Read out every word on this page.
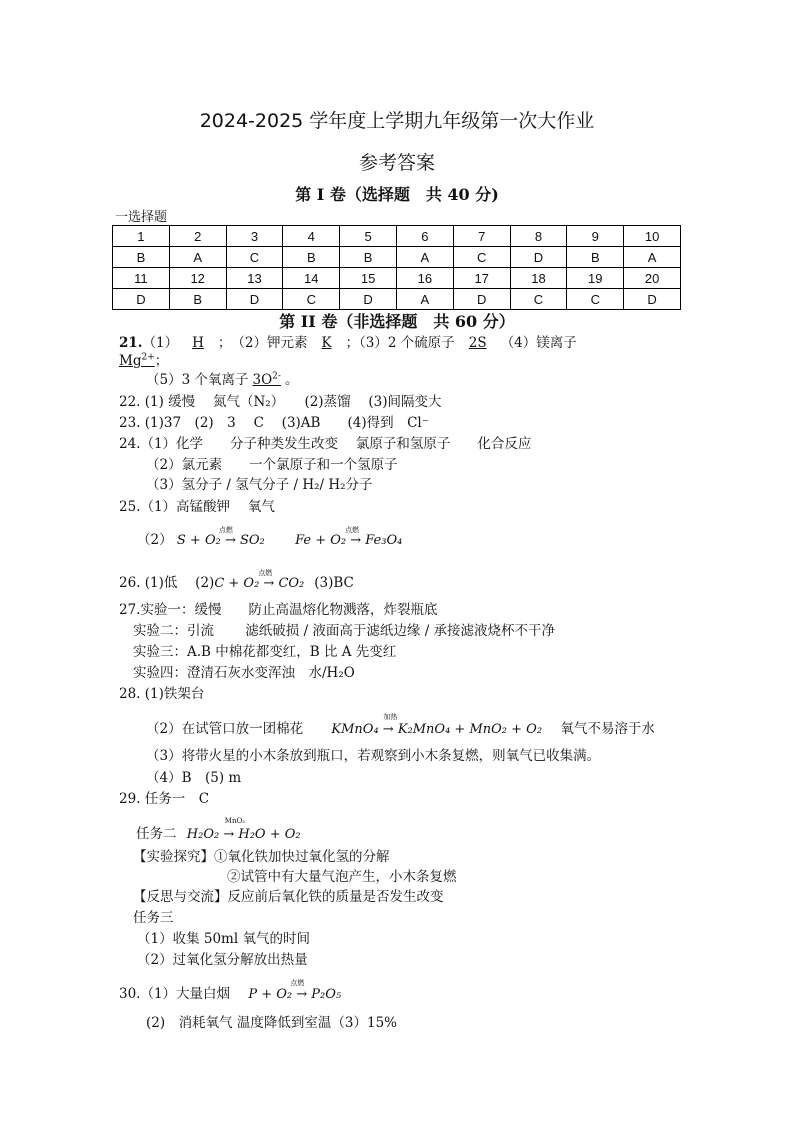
2024-2025 学年度上学期九年级第一次大作业
参考答案
第 I 卷（选择题　共 40 分)
一选择题
1	2	3	4	5	6	7	8	9	10
B	A	C	B	B	A	C	D	B	A
11	12	13	14	15	16	17	18	19	20
D	B	D	C	D	A	D	C	C	D
第 II 卷（非选择题　共 60 分）
21.（1） H ；　（2）钾元素 K ；（3）2 个硫原子 2S （4）镁离子
$Mg^{2+}$；
（5）3 个氧离子 $3O^{2-}$ 。
22. (1) 缓慢　 氮气（N₂）　　(2)蒸馏　 (3)间隔变大
23. (1)37　(2)　3　 C　 (3)AB　　(4)得到　Cl⁻
24.（1）化学　　分子种类发生改变　 氯原子和氢原子　　化合反应
（2）氯元素　　一个氯原子和一个氢原子
（3）氢分子 / 氢气分子 / H₂/ H₂分子
25.（1）高锰酸钾　 氧气
（2）
点燃
S + O₂ → SO₂
点燃
Fe + O₂ → Fe₃O₄
26. (1)低　 (2)
点燃
C + O₂ → CO₂ (3)BC
27.实验一：缓慢　　防止高温熔化物溅落，炸裂瓶底
实验二：引流　　 滤纸破损 / 液面高于滤纸边缘 / 承接滤液烧杯不干净
实验三：A.B 中棉花都变红，B 比 A 先变红
实验四：澄清石灰水变浑浊　水/H₂O
28. (1)铁架台
（2）在试管口放一团棉花
加热
KMnO₄ → K₂MnO₄ + MnO₂ + O₂ 氧气不易溶于水
（3）将带火星的小木条放到瓶口，若观察到小木条复燃，则氧气已收集满。
（4）B　(5) m
29. 任务一　C
任务二
MnO₂
H₂O₂ → H₂O + O₂
【实验探究】①氧化铁加快过氧化氢的分解
②试管中有大量气泡产生，小木条复燃
【反思与交流】反应前后氧化铁的质量是否发生改变
任务三
（1）收集 50ml 氧气的时间
（2）过氧化氢分解放出热量
30.（1）大量白烟
点燃
P + O₂ → P₂O₅
(2)　消耗氧气 温度降低到室温（3）15%
